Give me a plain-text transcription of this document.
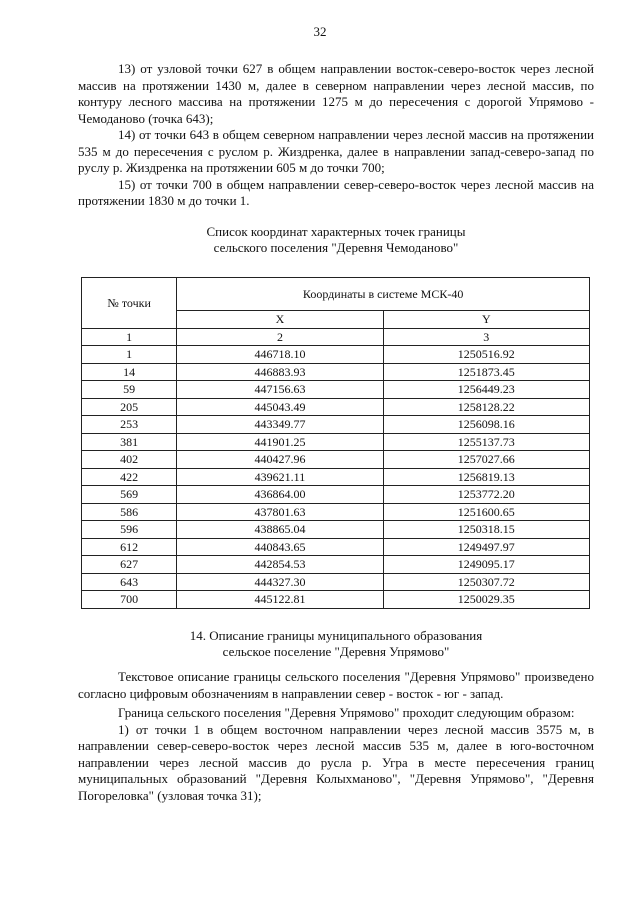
32

13) от узловой точки 627 в общем направлении восток-северо-восток через лесной массив на протяжении 1430 м, далее в северном направлении через лесной массив, по контуру лесного массива на протяжении 1275 м до пересечения с дорогой Упрямово - Чемоданово (точка 643);

14) от точки 643 в общем северном направлении через лесной массив на протяжении 535 м до пересечения с руслом р. Жиздренка, далее в направлении запад-северо-запад по руслу р. Жиздренка на протяжении 605 м до точки 700;

15) от точки 700 в общем направлении север-северо-восток через лесной массив на протяжении 1830 м до точки 1.

Список координат характерных точек границы
сельского поселения "Деревня Чемоданово"
№ точки	Координаты в системе МСК-40	
	X	Y
1	2	3
1	446718.10	1250516.92
14	446883.93	1251873.45
59	447156.63	1256449.23
205	445043.49	1258128.22
253	443349.77	1256098.16
381	441901.25	1255137.73
402	440427.96	1257027.66
422	439621.11	1256819.13
569	436864.00	1253772.20
586	437801.63	1251600.65
596	438865.04	1250318.15
612	440843.65	1249497.97
627	442854.53	1249095.17
643	444327.30	1250307.72
700	445122.81	1250029.35
14. Описание границы муниципального образования
сельское поселение "Деревня Упрямово"

Текстовое описание границы сельского поселения "Деревня Упрямово" произведено согласно цифровым обозначениям в направлении север - восток - юг - запад.

Граница сельского поселения "Деревня Упрямово" проходит следующим образом:

1) от точки 1 в общем восточном направлении через лесной массив 3575 м, в направлении север-северо-восток через лесной массив 535 м, далее в юго-восточном направлении через лесной массив до русла р. Угра в месте пересечения границ муниципальных образований "Деревня Колыхманово", "Деревня Упрямово", "Деревня Погореловка" (узловая точка 31);
